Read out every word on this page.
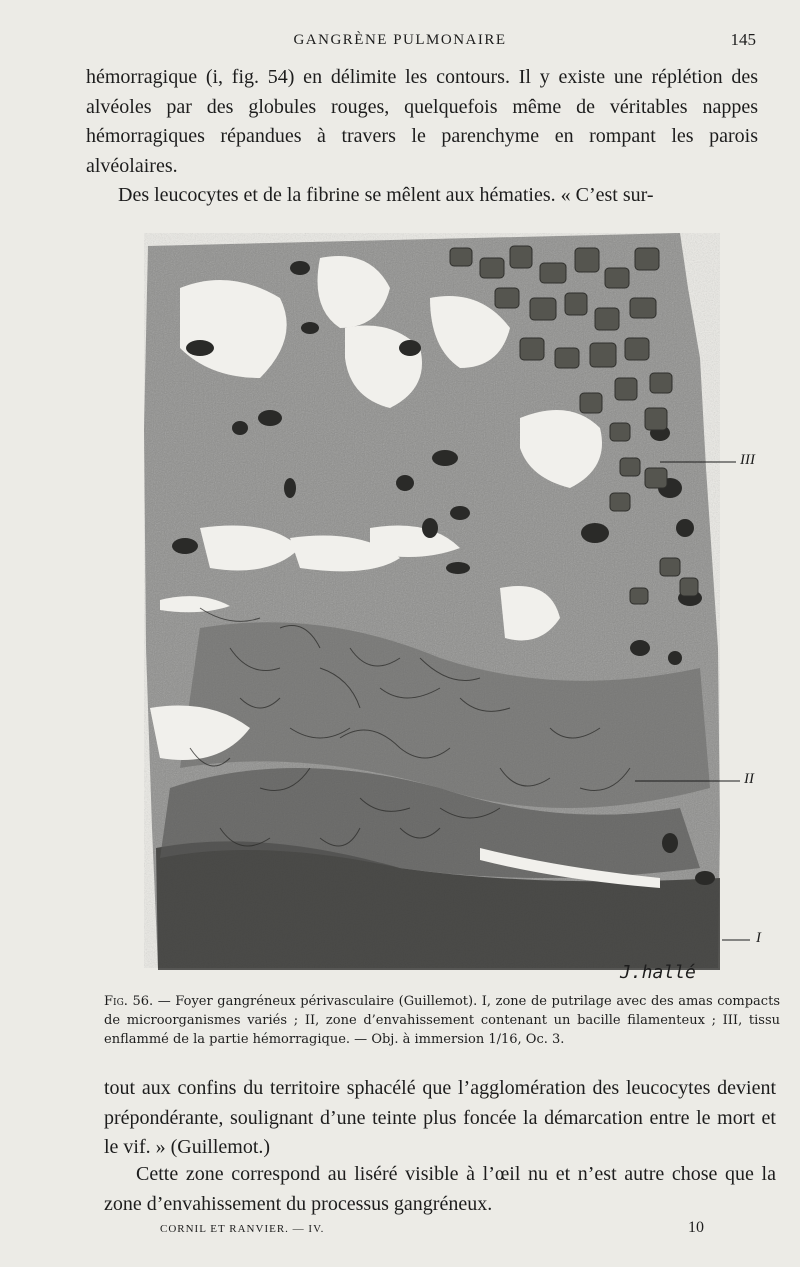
GANGRÈNE PULMONAIRE	145

hémorragique (i, fig. 54) en délimite les contours. Il y existe une réplétion des alvéoles par des globules rouges, quelquefois même de véritables nappes hémorragiques répandues à travers le parenchyme en rompant les parois alvéolaires.

Des leucocytes et de la fibrine se mêlent aux hématies. « C’est sur-

III
II
I
J.hallé

Fig. 56. — Foyer gangréneux périvasculaire (Guillemot). I, zone de putrilage avec des amas compacts de microorganismes variés ; II, zone d’envahissement contenant un bacille filamenteux ; III, tissu enflammé de la partie hémorragique. — Obj. à immersion 1/16, Oc. 3.

tout aux confins du territoire sphacélé que l’agglomération des leucocytes devient prépondérante, soulignant d’une teinte plus foncée la démarcation entre le mort et le vif. » (Guillemot.)

Cette zone correspond au liséré visible à l’œil nu et n’est autre chose que la zone d’envahissement du processus gangréneux.

CORNIL ET RANVIER. — IV.	10
